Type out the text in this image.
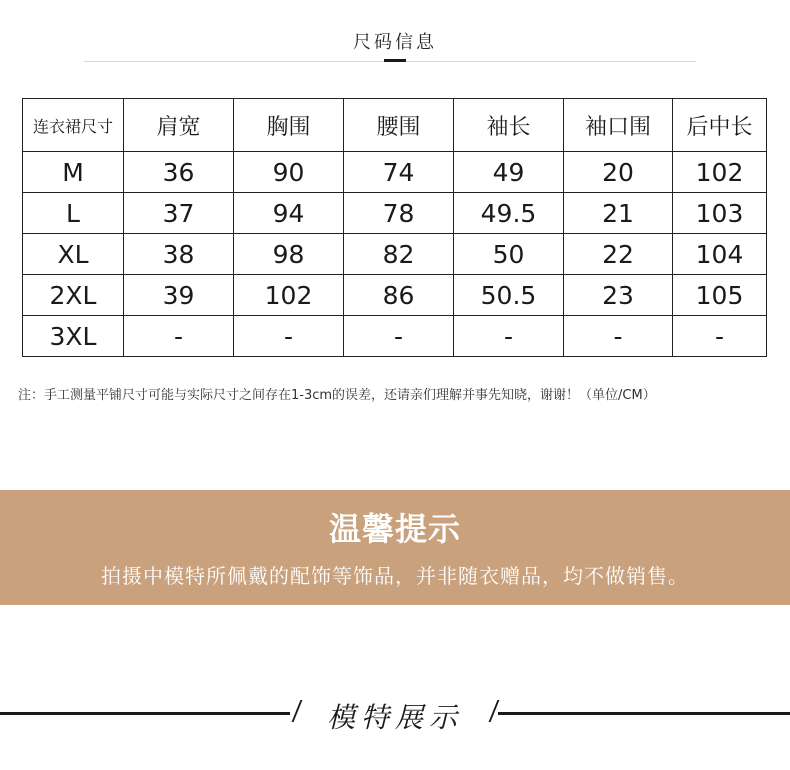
尺码信息
连衣裙尺寸	肩宽	胸围	腰围	袖长	袖口围	后中长
M	36	90	74	49	20	102
L	37	94	78	49.5	21	103
XL	38	98	82	50	22	104
2XL	39	102	86	50.5	23	105
3XL	-	-	-	-	-	-
注：手工测量平铺尺寸可能与实际尺寸之间存在1-3cm的误差，还请亲们理解并事先知晓，谢谢！（单位/CM）
温馨提示
拍摄中模特所佩戴的配饰等饰品，并非随衣赠品，均不做销售。
模特展示
